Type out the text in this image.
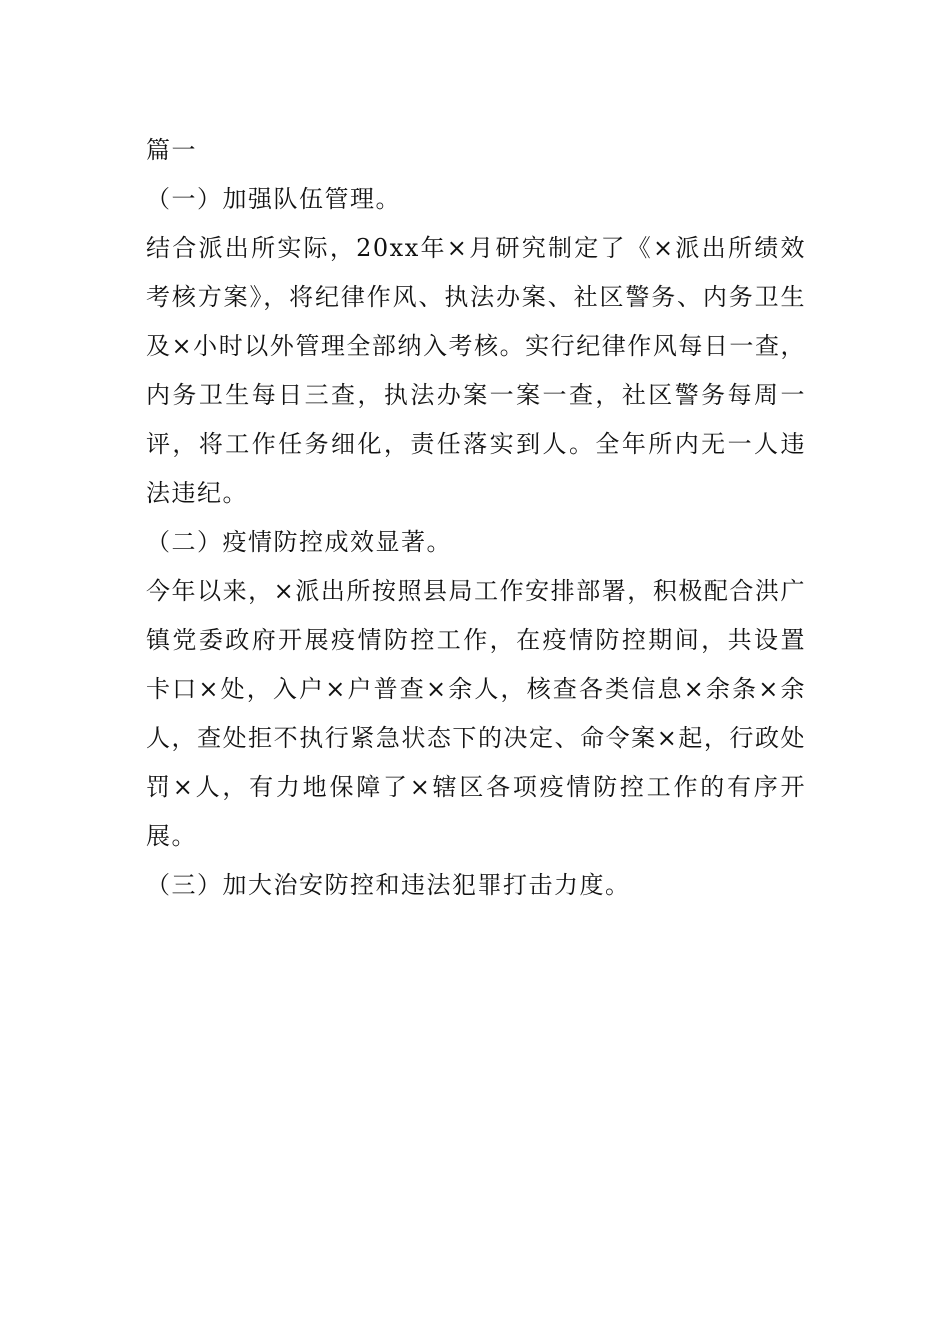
篇一

（一）加强队伍管理。

结合派出所实际，20xx年×月研究制定了《×派出所绩效考核方案》，将纪律作风、执法办案、社区警务、内务卫生及×小时以外管理全部纳入考核。实行纪律作风每日一查，内务卫生每日三查，执法办案一案一查，社区警务每周一评，将工作任务细化，责任落实到人。全年所内无一人违法违纪。

（二）疫情防控成效显著。

今年以来，×派出所按照县局工作安排部署，积极配合洪广镇党委政府开展疫情防控工作，在疫情防控期间，共设置卡口×处，入户×户普查×余人，核查各类信息×余条×余人，查处拒不执行紧急状态下的决定、命令案×起，行政处罚×人，有力地保障了×辖区各项疫情防控工作的有序开展。

（三）加大治安防控和违法犯罪打击力度。
